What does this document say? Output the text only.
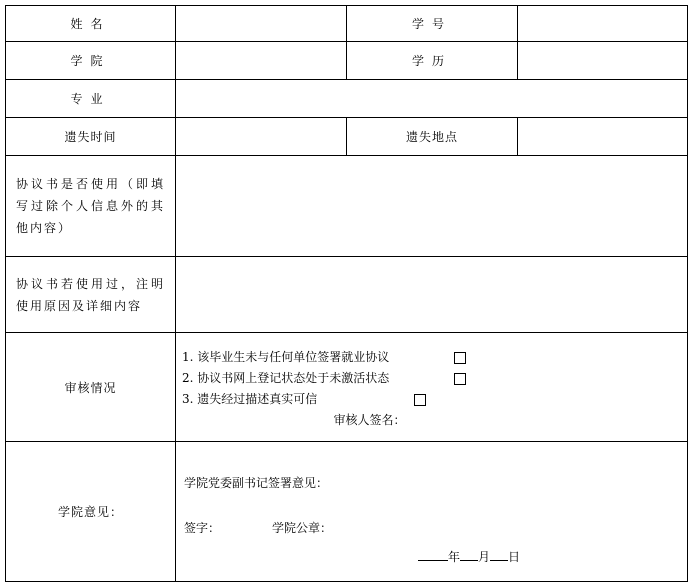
姓名		学号	
学院		学历	
专业			
遗失时间		遗失地点	
协议书是否使用（即填写过除个人信息外的其他内容）			
协议书若使用过，注明使用原因及详细内容			
审核情况	1. 该毕业生未与任何单位签署就业协议
2. 协议书网上登记状态处于未激活状态
3. 遗失经过描述真实可信
审核人签名：		

学院意见：	学院党委副书记签署意见：
签字： 学院公章：
年 月 日		
